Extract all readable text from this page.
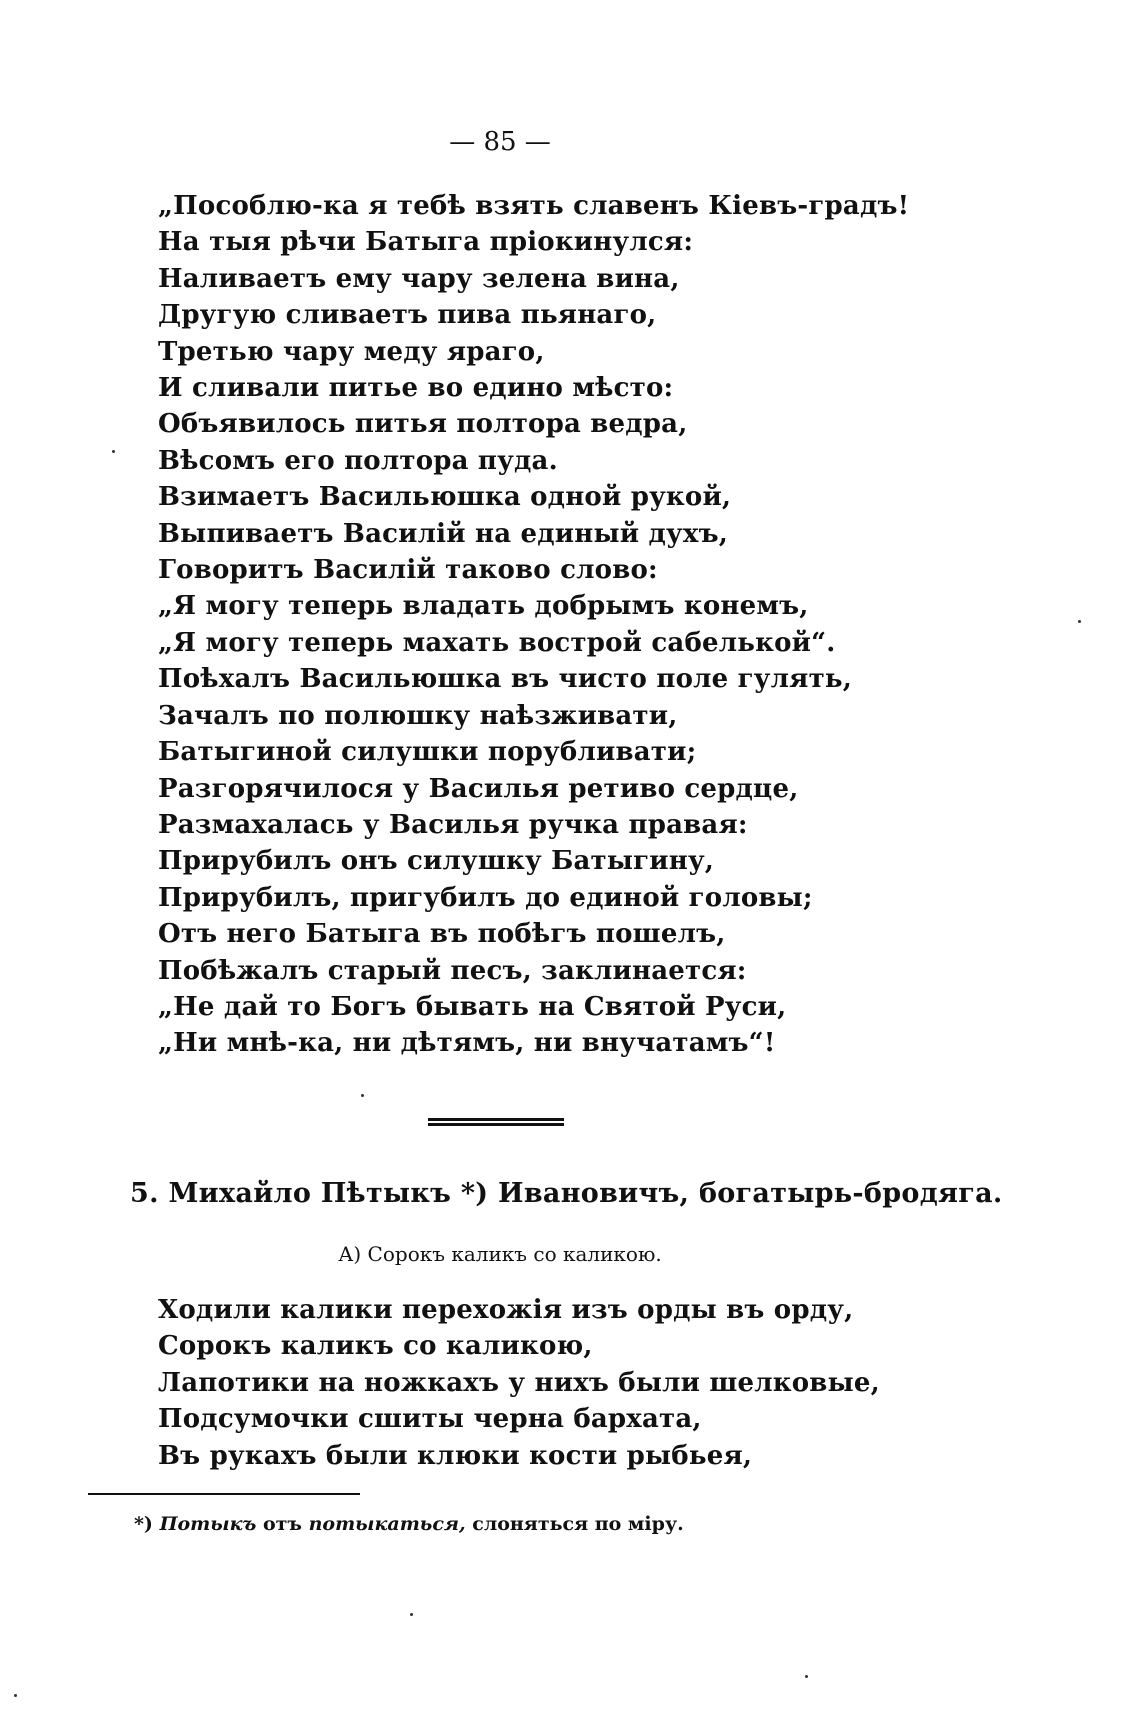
— 85 —
„Пособлю-ка я тебѣ взять славенъ Кіевъ-градъ!
На тыя рѣчи Батыга пріокинулся:
Наливаетъ ему чару зелена вина,
Другую сливаетъ пива пьянаго,
Третью чару меду яраго,
И сливали питье во едино мѣсто:
Объявилось питья полтора ведра,
Вѣсомъ его полтора пуда.
Взимаетъ Васильюшка одной рукой,
Выпиваетъ Василій на единый духъ,
Говоритъ Василій таково слово:
„Я могу теперь владать добрымъ конемъ,
„Я могу теперь махать вострой сабелькой“.
Поѣхалъ Васильюшка въ чисто поле гулять,
Зачалъ по полюшку наѣзживати,
Батыгиной силушки порубливати;
Разгорячилося у Василья ретиво сердце,
Размахалась у Василья ручка правая:
Прирубилъ онъ силушку Батыгину,
Прирубилъ, пригубилъ до единой головы;
Отъ него Батыга въ побѣгъ пошелъ,
Побѣжалъ старый песъ, заклинается:
„Не дай то Богъ бывать на Святой Руси,
„Ни мнѣ-ка, ни дѣтямъ, ни внучатамъ“!
5. Михайло Пѣтыкъ *) Ивановичъ, богатырь-бродяга.
А) Сорокъ каликъ со каликою.
Ходили калики перехожія изъ орды въ орду,
Сорокъ каликъ со каликою,
Лапотики на ножкахъ у нихъ были шелковые,
Подсумочки сшиты черна бархата,
Въ рукахъ были клюки кости рыбьея,

*) Потыкъ отъ потыкаться, слоняться по міру.
